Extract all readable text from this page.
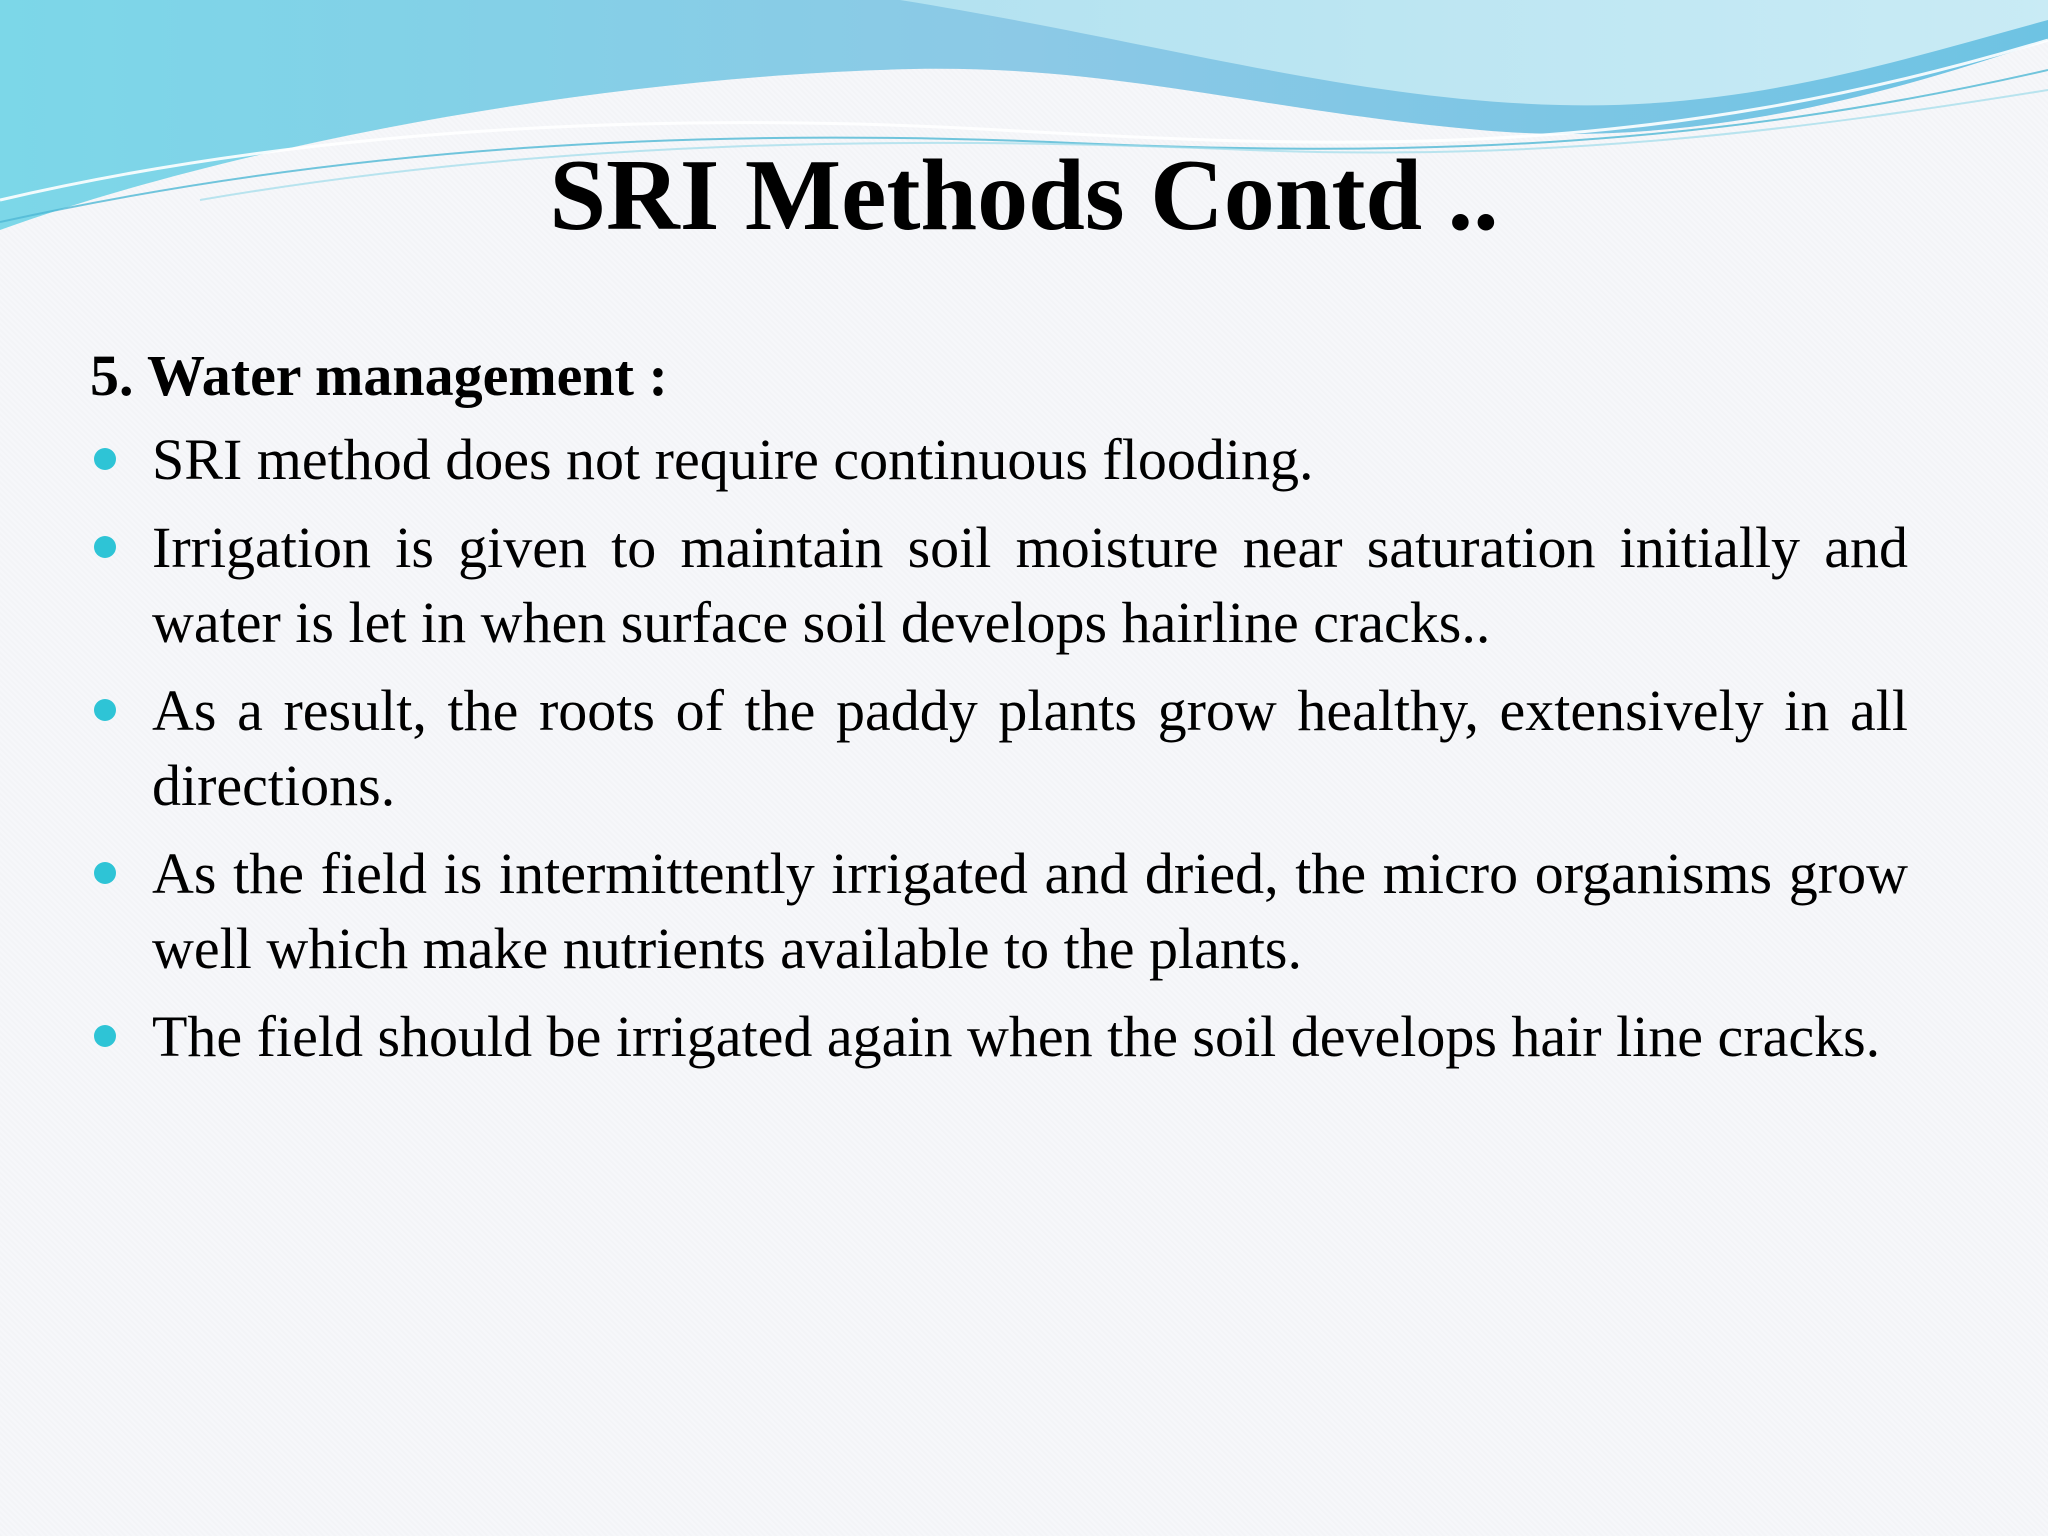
SRI Methods Contd ..

5. Water management :

SRI method does not require continuous flooding.
Irrigation is given to maintain soil moisture near saturation initially and water is let in when surface soil develops hairline cracks..
As a result, the roots of the paddy plants grow healthy, extensively in all directions.
As the field is intermittently irrigated and dried, the micro organisms grow well which make nutrients available to the plants.
The field should be irrigated again when the soil develops hair line cracks.
